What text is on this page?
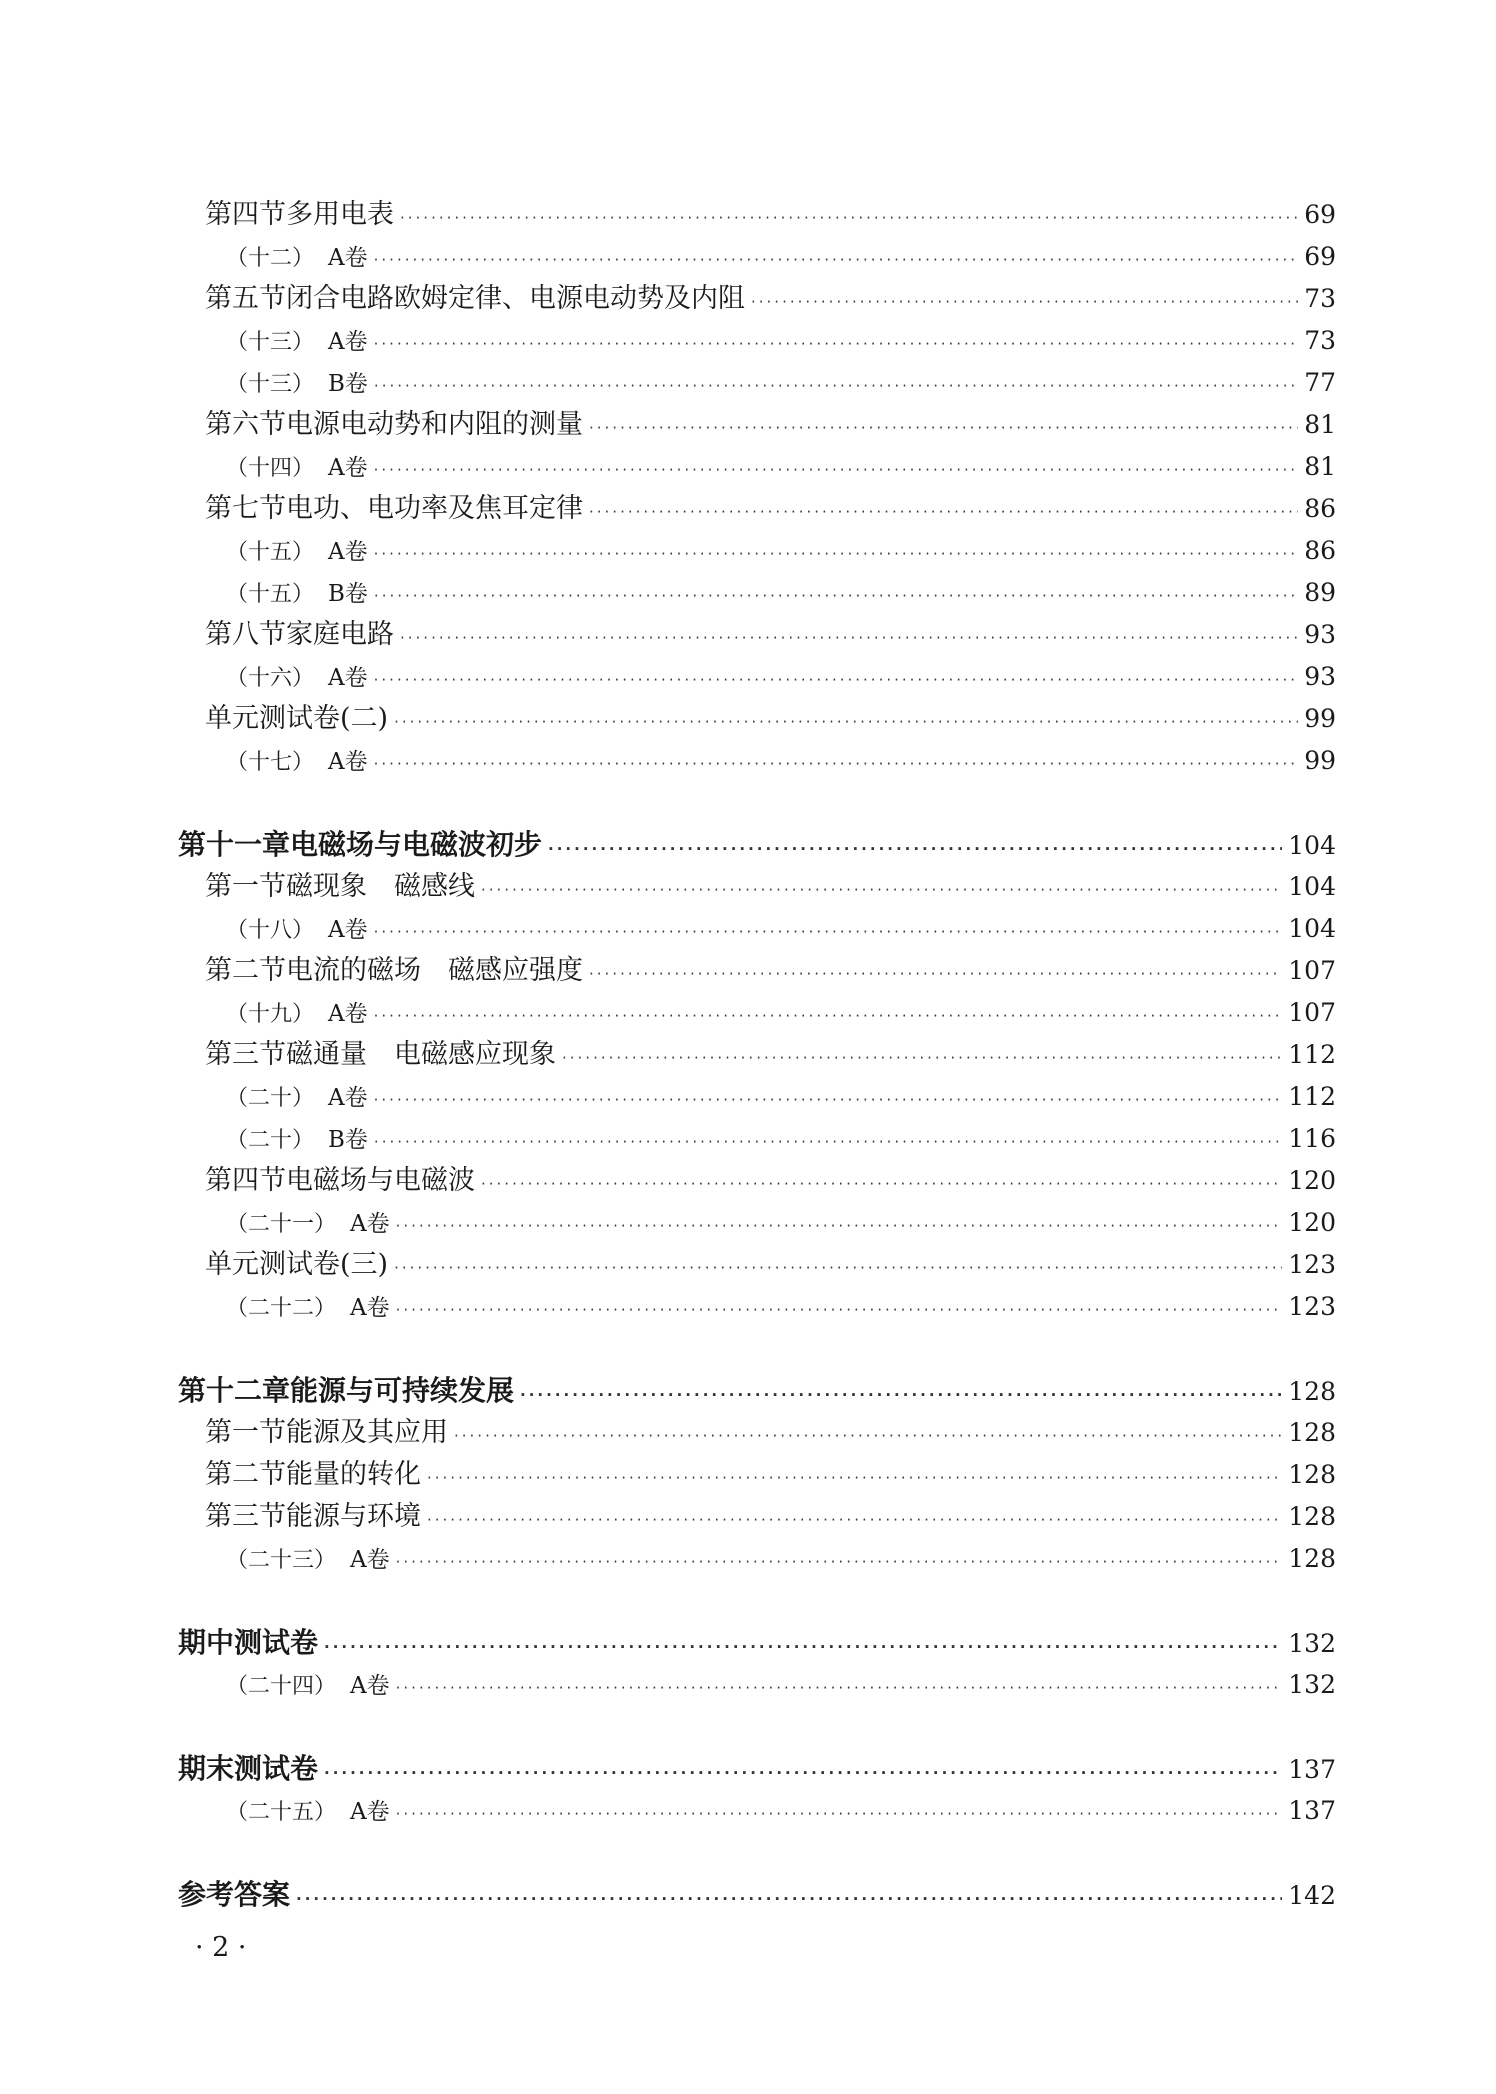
第四节 多用电表 ·····	69
（十二） A卷 ·····	69
第五节 闭合电路欧姆定律、电源电动势及内阻 ·····	73
（十三） A卷 ·····	73
（十三） B卷 ·····	77
第六节 电源电动势和内阻的测量 ·····	81
（十四） A卷 ·····	81
第七节 电功、电功率及焦耳定律 ·····	86
（十五） A卷 ·····	86
（十五） B卷 ·····	89
第八节 家庭电路 ·····	93
（十六） A卷 ·····	93
单元测试卷(二) ·····	99
（十七） A卷 ·····	99
第十一章 电磁场与电磁波初步 ·····	104
第一节 磁现象　磁感线 ·····	104
（十八） A卷 ·····	104
第二节 电流的磁场　磁感应强度 ·····	107
（十九） A卷 ·····	107
第三节 磁通量　电磁感应现象 ·····	112
（二十） A卷 ·····	112
（二十） B卷 ·····	116
第四节 电磁场与电磁波 ·····	120
（二十一） A卷 ·····	120
单元测试卷(三) ·····	123
（二十二） A卷 ·····	123
第十二章 能源与可持续发展 ·····	128
第一节 能源及其应用 ·····	128
第二节 能量的转化 ·····	128
第三节 能源与环境 ·····	128
（二十三） A卷 ·····	128
期中测试卷 ·····	132
（二十四） A卷 ·····	132
期末测试卷 ·····	137
（二十五） A卷 ·····	137
参考答案 ·····	142
· 2 ·
